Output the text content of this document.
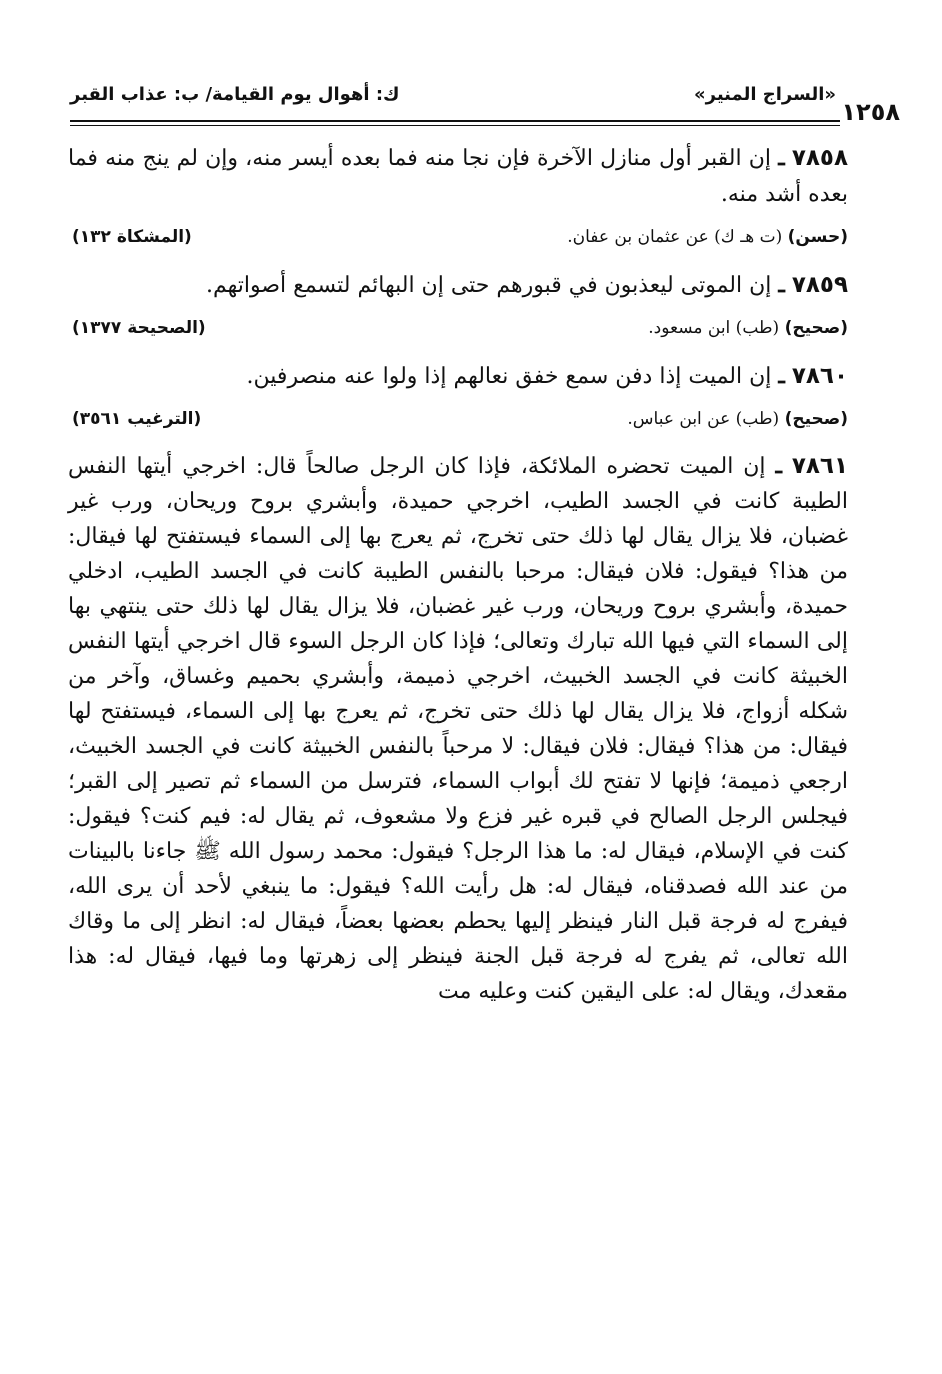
«السراج المنير»
ك: أهوال يوم القيامة/ ب: عذاب القبر
١٢٥٨
٧٨٥٨ ـ إن القبر أول منازل الآخرة فإن نجا منه فما بعده أيسر منه، وإن لم ينج منه فما بعده أشد منه.
(حسن) (ت هـ ك) عن عثمان بن عفان.
(المشكاة ١٣٢)
٧٨٥٩ ـ إن الموتى ليعذبون في قبورهم حتى إن البهائم لتسمع أصواتهم.
(صحيح) (طب) ابن مسعود.
(الصحيحة ١٣٧٧)
٧٨٦٠ ـ إن الميت إذا دفن سمع خفق نعالهم إذا ولوا عنه منصرفين.
(صحيح) (طب) عن ابن عباس.
(الترغيب ٣٥٦١)
٧٨٦١ ـ إن الميت تحضره الملائكة، فإذا كان الرجل صالحاً قال: اخرجي أيتها النفس الطيبة كانت في الجسد الطيب، اخرجي حميدة، وأبشري بروح وريحان، ورب غير غضبان، فلا يزال يقال لها ذلك حتى تخرج، ثم يعرج بها إلى السماء فيستفتح لها فيقال: من هذا؟ فيقول: فلان فيقال: مرحبا بالنفس الطيبة كانت في الجسد الطيب، ادخلي حميدة، وأبشري بروح وريحان، ورب غير غضبان، فلا يزال يقال لها ذلك حتى ينتهي بها إلى السماء التي فيها الله تبارك وتعالى؛ فإذا كان الرجل السوء قال اخرجي أيتها النفس الخبيثة كانت في الجسد الخبيث، اخرجي ذميمة، وأبشري بحميم وغساق، وآخر من شكله أزواج، فلا يزال يقال لها ذلك حتى تخرج، ثم يعرج بها إلى السماء، فيستفتح لها فيقال: من هذا؟ فيقال: فلان فيقال: لا مرحباً بالنفس الخبيثة كانت في الجسد الخبيث، ارجعي ذميمة؛ فإنها لا تفتح لك أبواب السماء، فترسل من السماء ثم تصير إلى القبر؛ فيجلس الرجل الصالح في قبره غير فزع ولا مشعوف، ثم يقال له: فيم كنت؟ فيقول: كنت في الإسلام، فيقال له: ما هذا الرجل؟ فيقول: محمد رسول الله ﷺ جاءنا بالبينات من عند الله فصدقناه، فيقال له: هل رأيت الله؟ فيقول: ما ينبغي لأحد أن يرى الله، فيفرج له فرجة قبل النار فينظر إليها يحطم بعضها بعضاً، فيقال له: انظر إلى ما وقاك الله تعالى، ثم يفرج له فرجة قبل الجنة فينظر إلى زهرتها وما فيها، فيقال له: هذا مقعدك، ويقال له: على اليقين كنت وعليه مت
